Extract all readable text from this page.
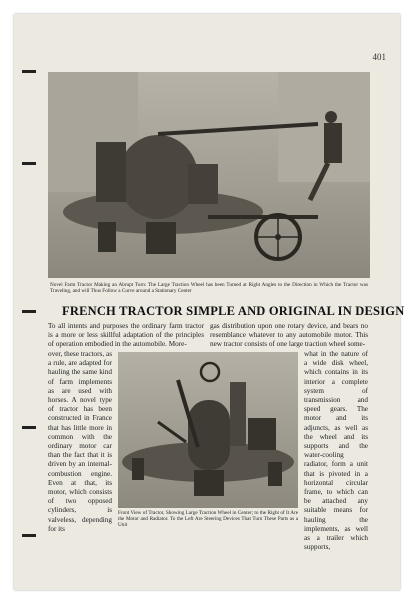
401
Novel Farm Tractor Making an Abrupt Turn: The Large Traction Wheel has been Turned at Right Angles to the Direction in Which the Tractor was Traveling, and will Thus Follow a Curve around a Stationary Center
FRENCH TRACTOR SIMPLE AND ORIGINAL IN DESIGN

To all intents and purposes the ordinary farm tractor is a more or less skillful adaptation of the principles of operation embodied in the automobile. More-

over, these tractors, as a rule, are adapted for hauling the same kind of farm implements as are used with horses. A novel type of tractor has been constructed in France that has little more in common with the ordinary motor car than the fact that it is driven by an internal-combustion engine. Even at that, its motor, which consists of two opposed cylinders, is valveless, depending for its

gas distribution upon one rotary device, and bears no resemblance whatever to any automobile motor. This new tractor consists of one large traction wheel some-

what in the nature of a wide disk wheel, which contains in its interior a complete system of transmission and speed gears. The motor and its adjuncts, as well as the wheel and its supports and the water-cooling radiator, form a unit that is pivoted in a horizontal circular frame, to which can be attached any suitable means for hauling the implements, as well as a trailer which supports,

Front View of Tractor, Showing Large Traction Wheel in Center; to the Right of It Are the Motor and Radiator. To the Left Are Steering Devices That Turn These Parts as a Unit
